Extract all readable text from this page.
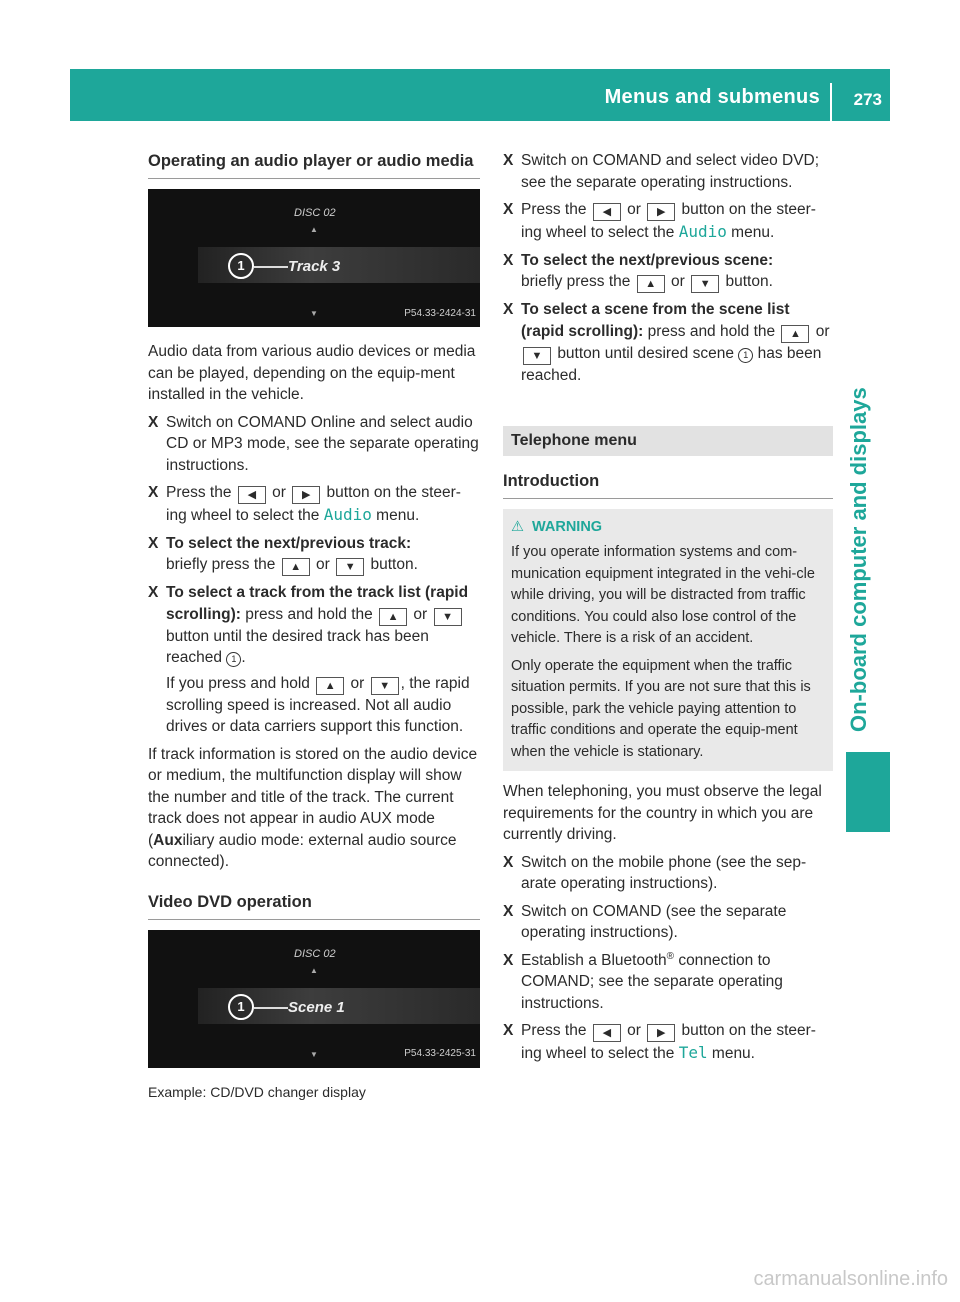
Menus and submenus 273
On-board computer and displays
Operating an audio player or audio media
DISC 02
▲
1	Track 3
▼	P54.33-2424-31

Audio data from various audio devices or media can be played, depending on the equip-ment installed in the vehicle.

X Switch on COMAND Online and select audio CD or MP3 mode, see the separate operating instructions.
X Press the ◀ or ▶ button on the steer-ing wheel to select the Audio menu.
X To select the next/previous track:
briefly press the ▲ or ▼ button.
X To select a track from the track list (rapid scrolling): press and hold the ▲ or ▼ button until the desired track has been reached 1 .
If you press and hold ▲ or ▼ , the rapid scrolling speed is increased. Not all audio drives or data carriers support this function.

If track information is stored on the audio device or medium, the multifunction display will show the number and title of the track. The current track does not appear in audio AUX mode (Auxiliary audio mode: external audio source connected).

Video DVD operation
DISC 02
▲
1	Scene 1
▼	P54.33-2425-31
Example: CD/DVD changer display
X Switch on COMAND and select video DVD; see the separate operating instructions.
X Press the ◀ or ▶ button on the steer-ing wheel to select the Audio menu.
X To select the next/previous scene:
briefly press the ▲ or ▼ button.
X To select a scene from the scene list (rapid scrolling): press and hold the ▲ or ▼ button until desired scene 1 has been reached.
Telephone menu
Introduction
⚠ WARNING

If you operate information systems and com-munication equipment integrated in the vehi-cle while driving, you will be distracted from traffic conditions. You could also lose control of the vehicle. There is a risk of an accident.

Only operate the equipment when the traffic situation permits. If you are not sure that this is possible, park the vehicle paying attention to traffic conditions and operate the equip-ment when the vehicle is stationary.

When telephoning, you must observe the legal requirements for the country in which you are currently driving.

X Switch on the mobile phone (see the sep-arate operating instructions).
X Switch on COMAND (see the separate operating instructions).
X Establish a Bluetooth® connection to COMAND; see the separate operating instructions.
X Press the ◀ or ▶ button on the steer-ing wheel to select the Tel menu.
carmanualsonline.info
